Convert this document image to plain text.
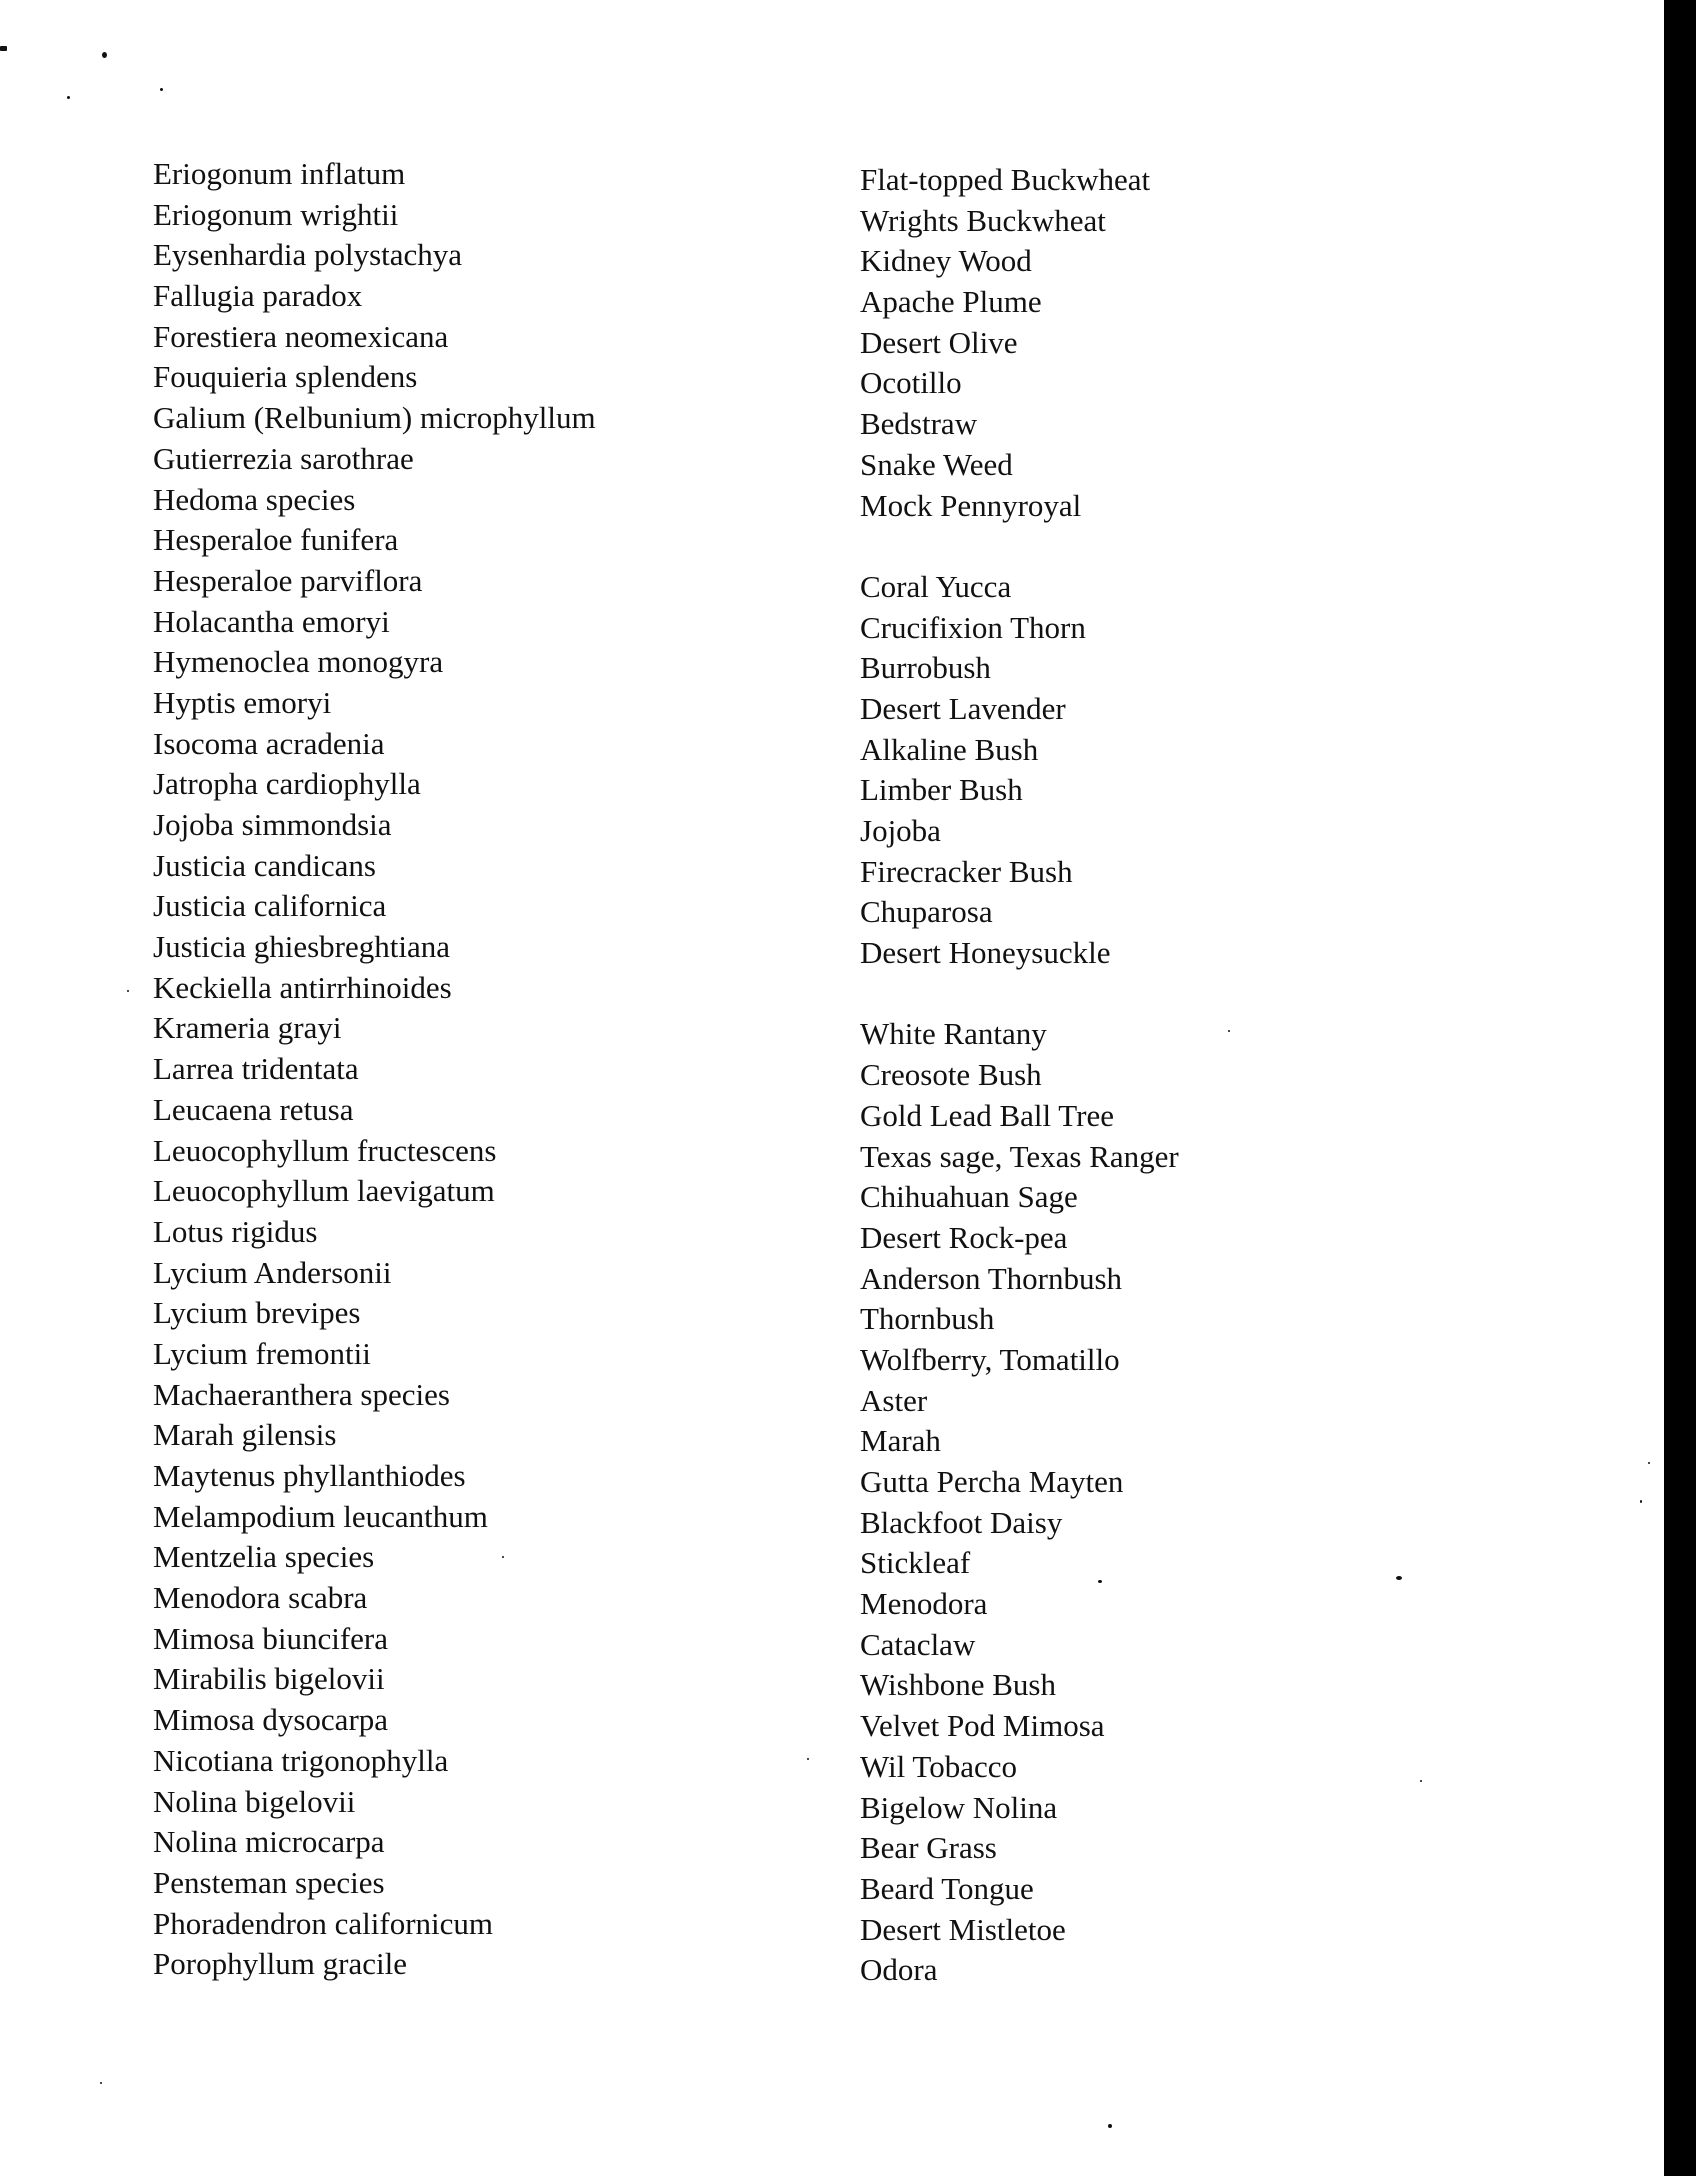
Eriogonum inflatum
Eriogonum wrightii
Eysenhardia polystachya
Fallugia paradox
Forestiera neomexicana
Fouquieria splendens
Galium (Relbunium) microphyllum
Gutierrezia sarothrae
Hedoma species
Hesperaloe funifera
Hesperaloe parviflora
Holacantha emoryi
Hymenoclea monogyra
Hyptis emoryi
Isocoma acradenia
Jatropha cardiophylla
Jojoba simmondsia
Justicia candicans
Justicia californica
Justicia ghiesbreghtiana
Keckiella antirrhinoides
Krameria grayi
Larrea tridentata
Leucaena retusa
Leuocophyllum fructescens
Leuocophyllum laevigatum
Lotus rigidus
Lycium Andersonii
Lycium brevipes
Lycium fremontii
Machaeranthera species
Marah gilensis
Maytenus phyllanthiodes
Melampodium leucanthum
Mentzelia species
Menodora scabra
Mimosa biuncifera
Mirabilis bigelovii
Mimosa dysocarpa
Nicotiana trigonophylla
Nolina bigelovii
Nolina microcarpa
Pensteman species
Phoradendron californicum
Porophyllum gracile
Flat-topped Buckwheat
Wrights Buckwheat
Kidney Wood
Apache Plume
Desert Olive
Ocotillo
Bedstraw
Snake Weed
Mock Pennyroyal
Coral Yucca
Crucifixion Thorn
Burrobush
Desert Lavender
Alkaline Bush
Limber Bush
Jojoba
Firecracker Bush
Chuparosa
Desert Honeysuckle
White Rantany
Creosote Bush
Gold Lead Ball Tree
Texas sage, Texas Ranger
Chihuahuan Sage
Desert Rock-pea
Anderson Thornbush
Thornbush
Wolfberry, Tomatillo
Aster
Marah
Gutta Percha Mayten
Blackfoot Daisy
Stickleaf
Menodora
Cataclaw
Wishbone Bush
Velvet Pod Mimosa
Wil Tobacco
Bigelow Nolina
Bear Grass
Beard Tongue
Desert Mistletoe
Odora
